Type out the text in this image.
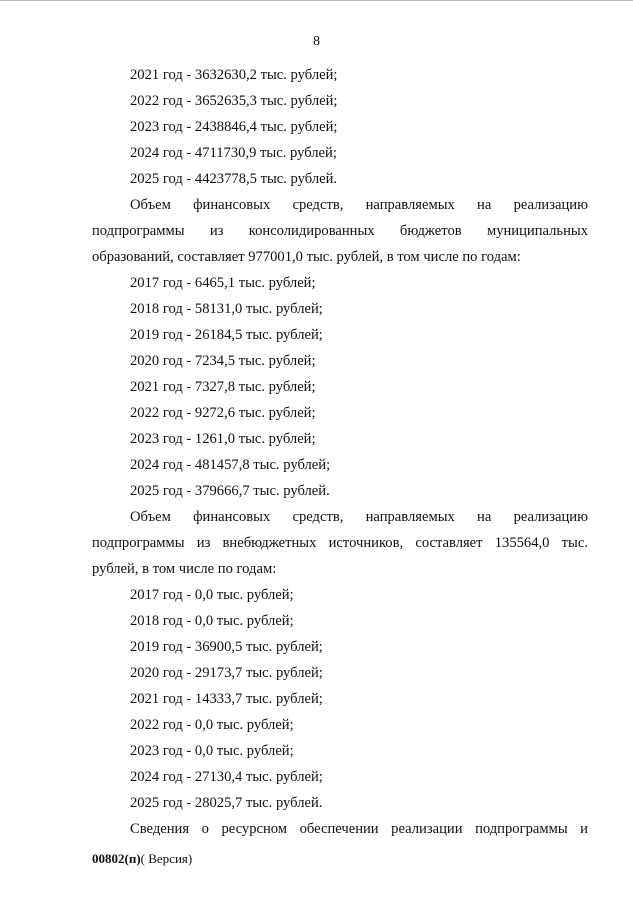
8
2021 год - 3632630,2 тыс. рублей;
2022 год - 3652635,3 тыс. рублей;
2023 год - 2438846,4 тыс. рублей;
2024 год - 4711730,9 тыс. рублей;
2025 год - 4423778,5 тыс. рублей.
Объем финансовых средств, направляемых на реализацию
подпрограммы из консолидированных бюджетов муниципальных
образований, составляет 977001,0 тыс. рублей, в том числе по годам:
2017 год - 6465,1 тыс. рублей;
2018 год - 58131,0 тыс. рублей;
2019 год - 26184,5 тыс. рублей;
2020 год - 7234,5 тыс. рублей;
2021 год - 7327,8 тыс. рублей;
2022 год - 9272,6 тыс. рублей;
2023 год - 1261,0 тыс. рублей;
2024 год - 481457,8 тыс. рублей;
2025 год - 379666,7 тыс. рублей.
Объем финансовых средств, направляемых на реализацию
подпрограммы из внебюджетных источников, составляет 135564,0 тыс.
рублей, в том числе по годам:
2017 год - 0,0 тыс. рублей;
2018 год - 0,0 тыс. рублей;
2019 год - 36900,5 тыс. рублей;
2020 год - 29173,7 тыс. рублей;
2021 год - 14333,7 тыс. рублей;
2022 год - 0,0 тыс. рублей;
2023 год - 0,0 тыс. рублей;
2024 год - 27130,4 тыс. рублей;
2025 год - 28025,7 тыс. рублей.
Сведения о ресурсном обеспечении реализации подпрограммы и
00802(п)( Версия)
